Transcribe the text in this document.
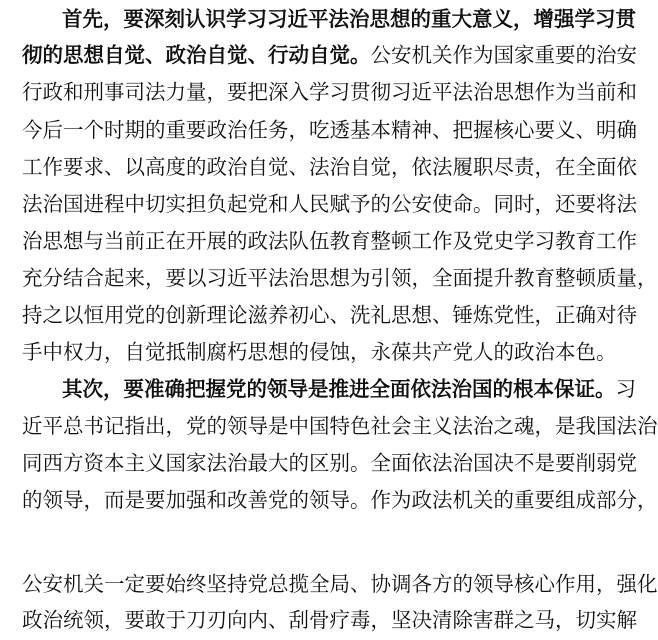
首先，要深刻认识学习习近平法治思想的重大意义，增强学习贯
彻的思想自觉、政治自觉、行动自觉。公安机关作为国家重要的治安
行政和刑事司法力量，要把深入学习贯彻习近平法治思想作为当前和
今后一个时期的重要政治任务，吃透基本精神、把握核心要义、明确
工作要求、以高度的政治自觉、法治自觉，依法履职尽责，在全面依
法治国进程中切实担负起党和人民赋予的公安使命。同时，还要将法
治思想与当前正在开展的政法队伍教育整顿工作及党史学习教育工作
充分结合起来，要以习近平法治思想为引领，全面提升教育整顿质量，
持之以恒用党的创新理论滋养初心、洗礼思想、锤炼党性，正确对待
手中权力，自觉抵制腐朽思想的侵蚀，永葆共产党人的政治本色。
其次，要准确把握党的领导是推进全面依法治国的根本保证。习
近平总书记指出，党的领导是中国特色社会主义法治之魂，是我国法治
同西方资本主义国家法治最大的区别。全面依法治国决不是要削弱党
的领导，而是要加强和改善党的领导。作为政法机关的重要组成部分，
公安机关一定要始终坚持党总揽全局、协调各方的领导核心作用，强化
政治统领，要敢于刀刃向内、刮骨疗毒，坚决清除害群之马，切实解
